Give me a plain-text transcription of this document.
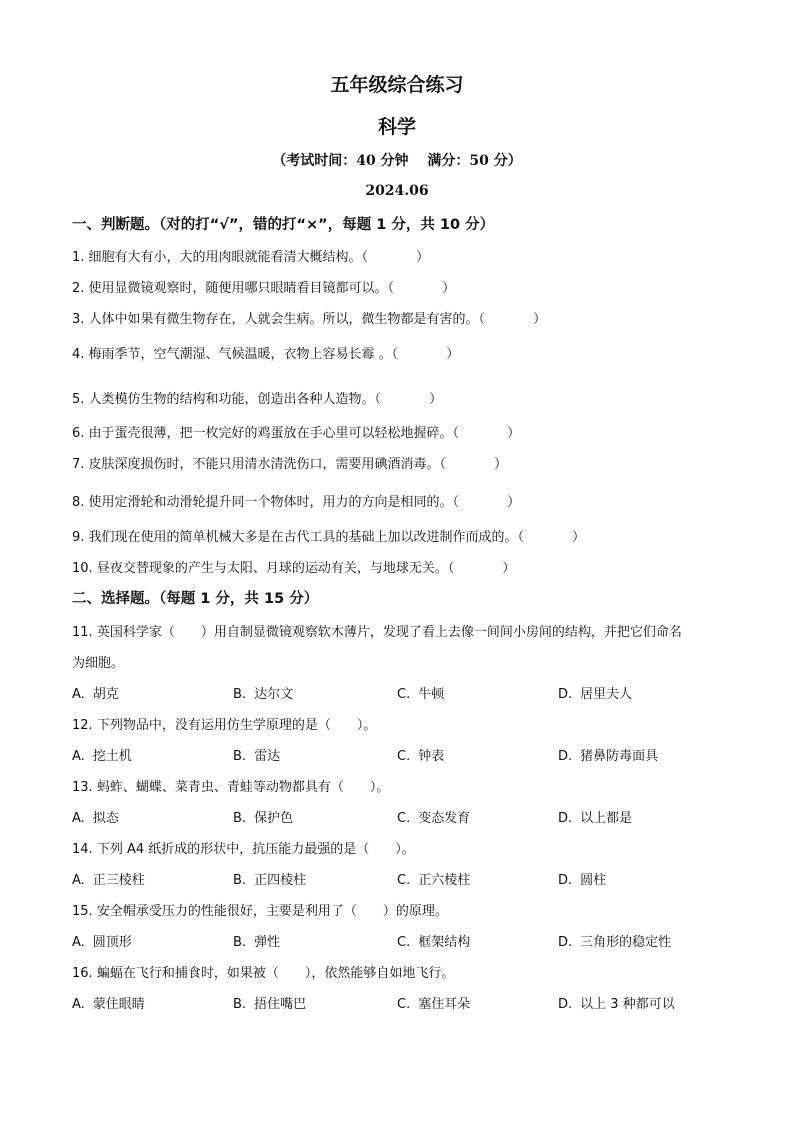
五年级综合练习
科学
（考试时间：40 分钟　 满分：50 分）
2024.06
一、判断题。（对的打“√”，错的打“×”，每题 1 分，共 10 分）
1. 细胞有大有小，大的用肉眼就能看清大概结构。（	）
2. 使用显微镜观察时，随便用哪只眼睛看目镜都可以。（	）
3. 人体中如果有微生物存在，人就会生病。所以，微生物都是有害的。（	）
4. 梅雨季节，空气潮湿、气候温暖，衣物上容易长霉 。（	）
5. 人类模仿生物的结构和功能，创造出各种人造物。（	）
6. 由于蛋壳很薄，把一枚完好的鸡蛋放在手心里可以轻松地握碎。（	）
7. 皮肤深度损伤时，不能只用清水清洗伤口，需要用碘酒消毒。（	）
8. 使用定滑轮和动滑轮提升同一个物体时，用力的方向是相同的。（	）
9. 我们现在使用的简单机械大多是在古代工具的基础上加以改进制作而成的。（	）
10. 昼夜交替现象的产生与太阳、月球的运动有关，与地球无关。（	）
二、选择题。（每题 1 分，共 15 分）
11. 英国科学家（　　）用自制显微镜观察软木薄片，发现了看上去像一间间小房间的结构，并把它们命名
为细胞。
A. 胡克	B. 达尔文	C. 牛顿	D. 居里夫人
12. 下列物品中，没有运用仿生学原理的是（　　）。
A. 挖土机	B. 雷达	C. 钟表	D. 猪鼻防毒面具
13. 蚂蚱、蝴蝶、菜青虫、青蛙等动物都具有（　　）。
A. 拟态	B. 保护色	C. 变态发育	D. 以上都是
14. 下列 A4 纸折成的形状中，抗压能力最强的是（　　）。
A. 正三棱柱	B. 正四棱柱	C. 正六棱柱	D. 圆柱
15. 安全帽承受压力的性能很好，主要是利用了（　　）的原理。
A. 圆顶形	B. 弹性	C. 框架结构	D. 三角形的稳定性
16. 蝙蝠在飞行和捕食时，如果被（　　），依然能够自如地飞行。
A. 蒙住眼睛	B. 捂住嘴巴	C. 塞住耳朵	D. 以上 3 种都可以
